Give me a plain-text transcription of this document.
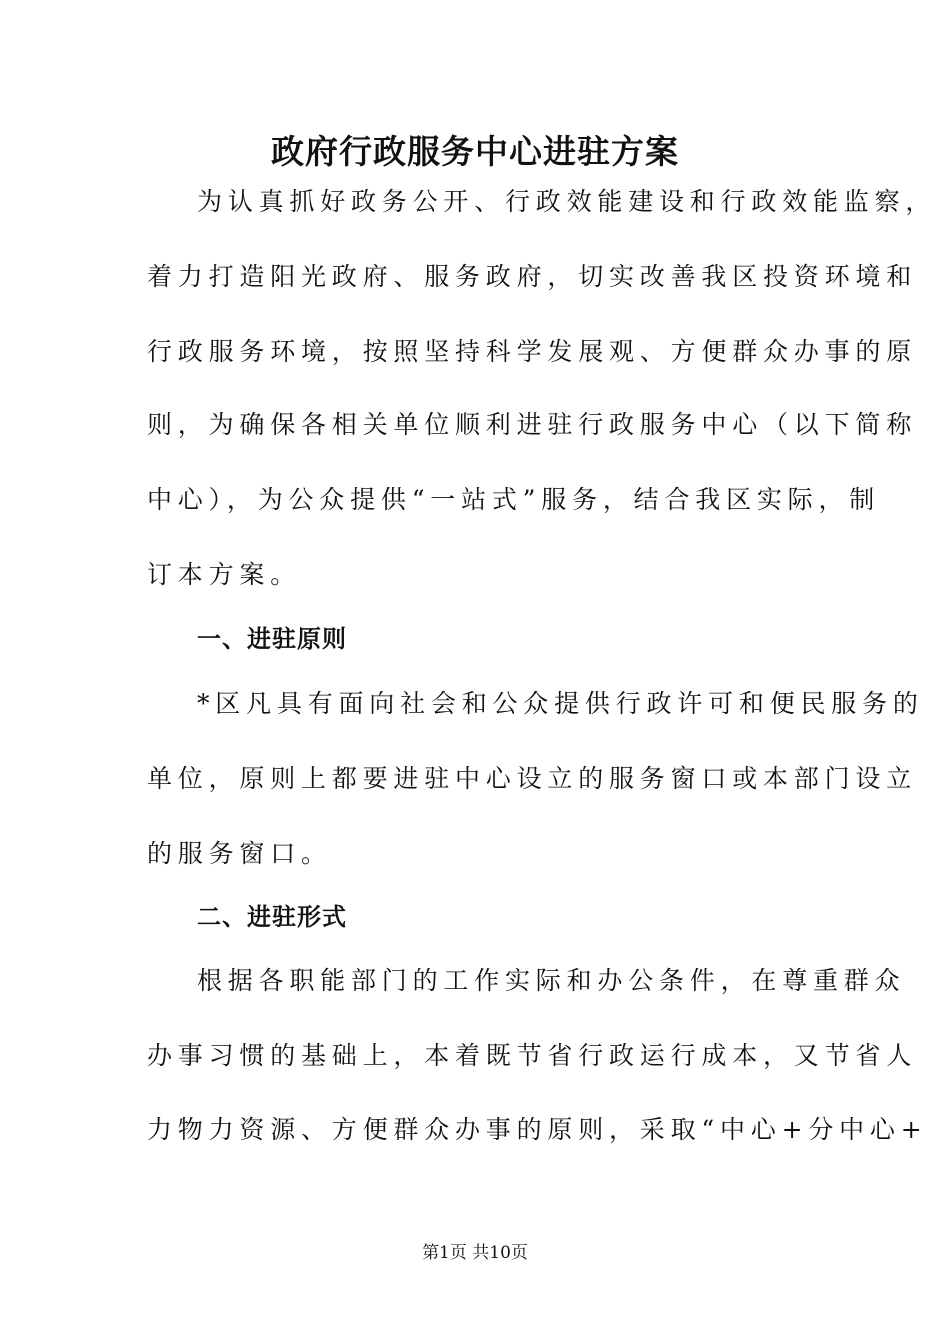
政府行政服务中心进驻方案
为认真抓好政务公开、行政效能建设和行政效能监察，
着力打造阳光政府、服务政府，切实改善我区投资环境和
行政服务环境，按照坚持科学发展观、方便群众办事的原
则，为确保各相关单位顺利进驻行政服务中心（以下简称
中心），为公众提供“一站式”服务，结合我区实际，制
订本方案。
一、进驻原则
*区凡具有面向社会和公众提供行政许可和便民服务的
单位，原则上都要进驻中心设立的服务窗口或本部门设立
的服务窗口。
二、进驻形式
根据各职能部门的工作实际和办公条件，在尊重群众
办事习惯的基础上，本着既节省行政运行成本，又节省人
力物力资源、方便群众办事的原则，采取“中心+分中心+
第1页 共10页
